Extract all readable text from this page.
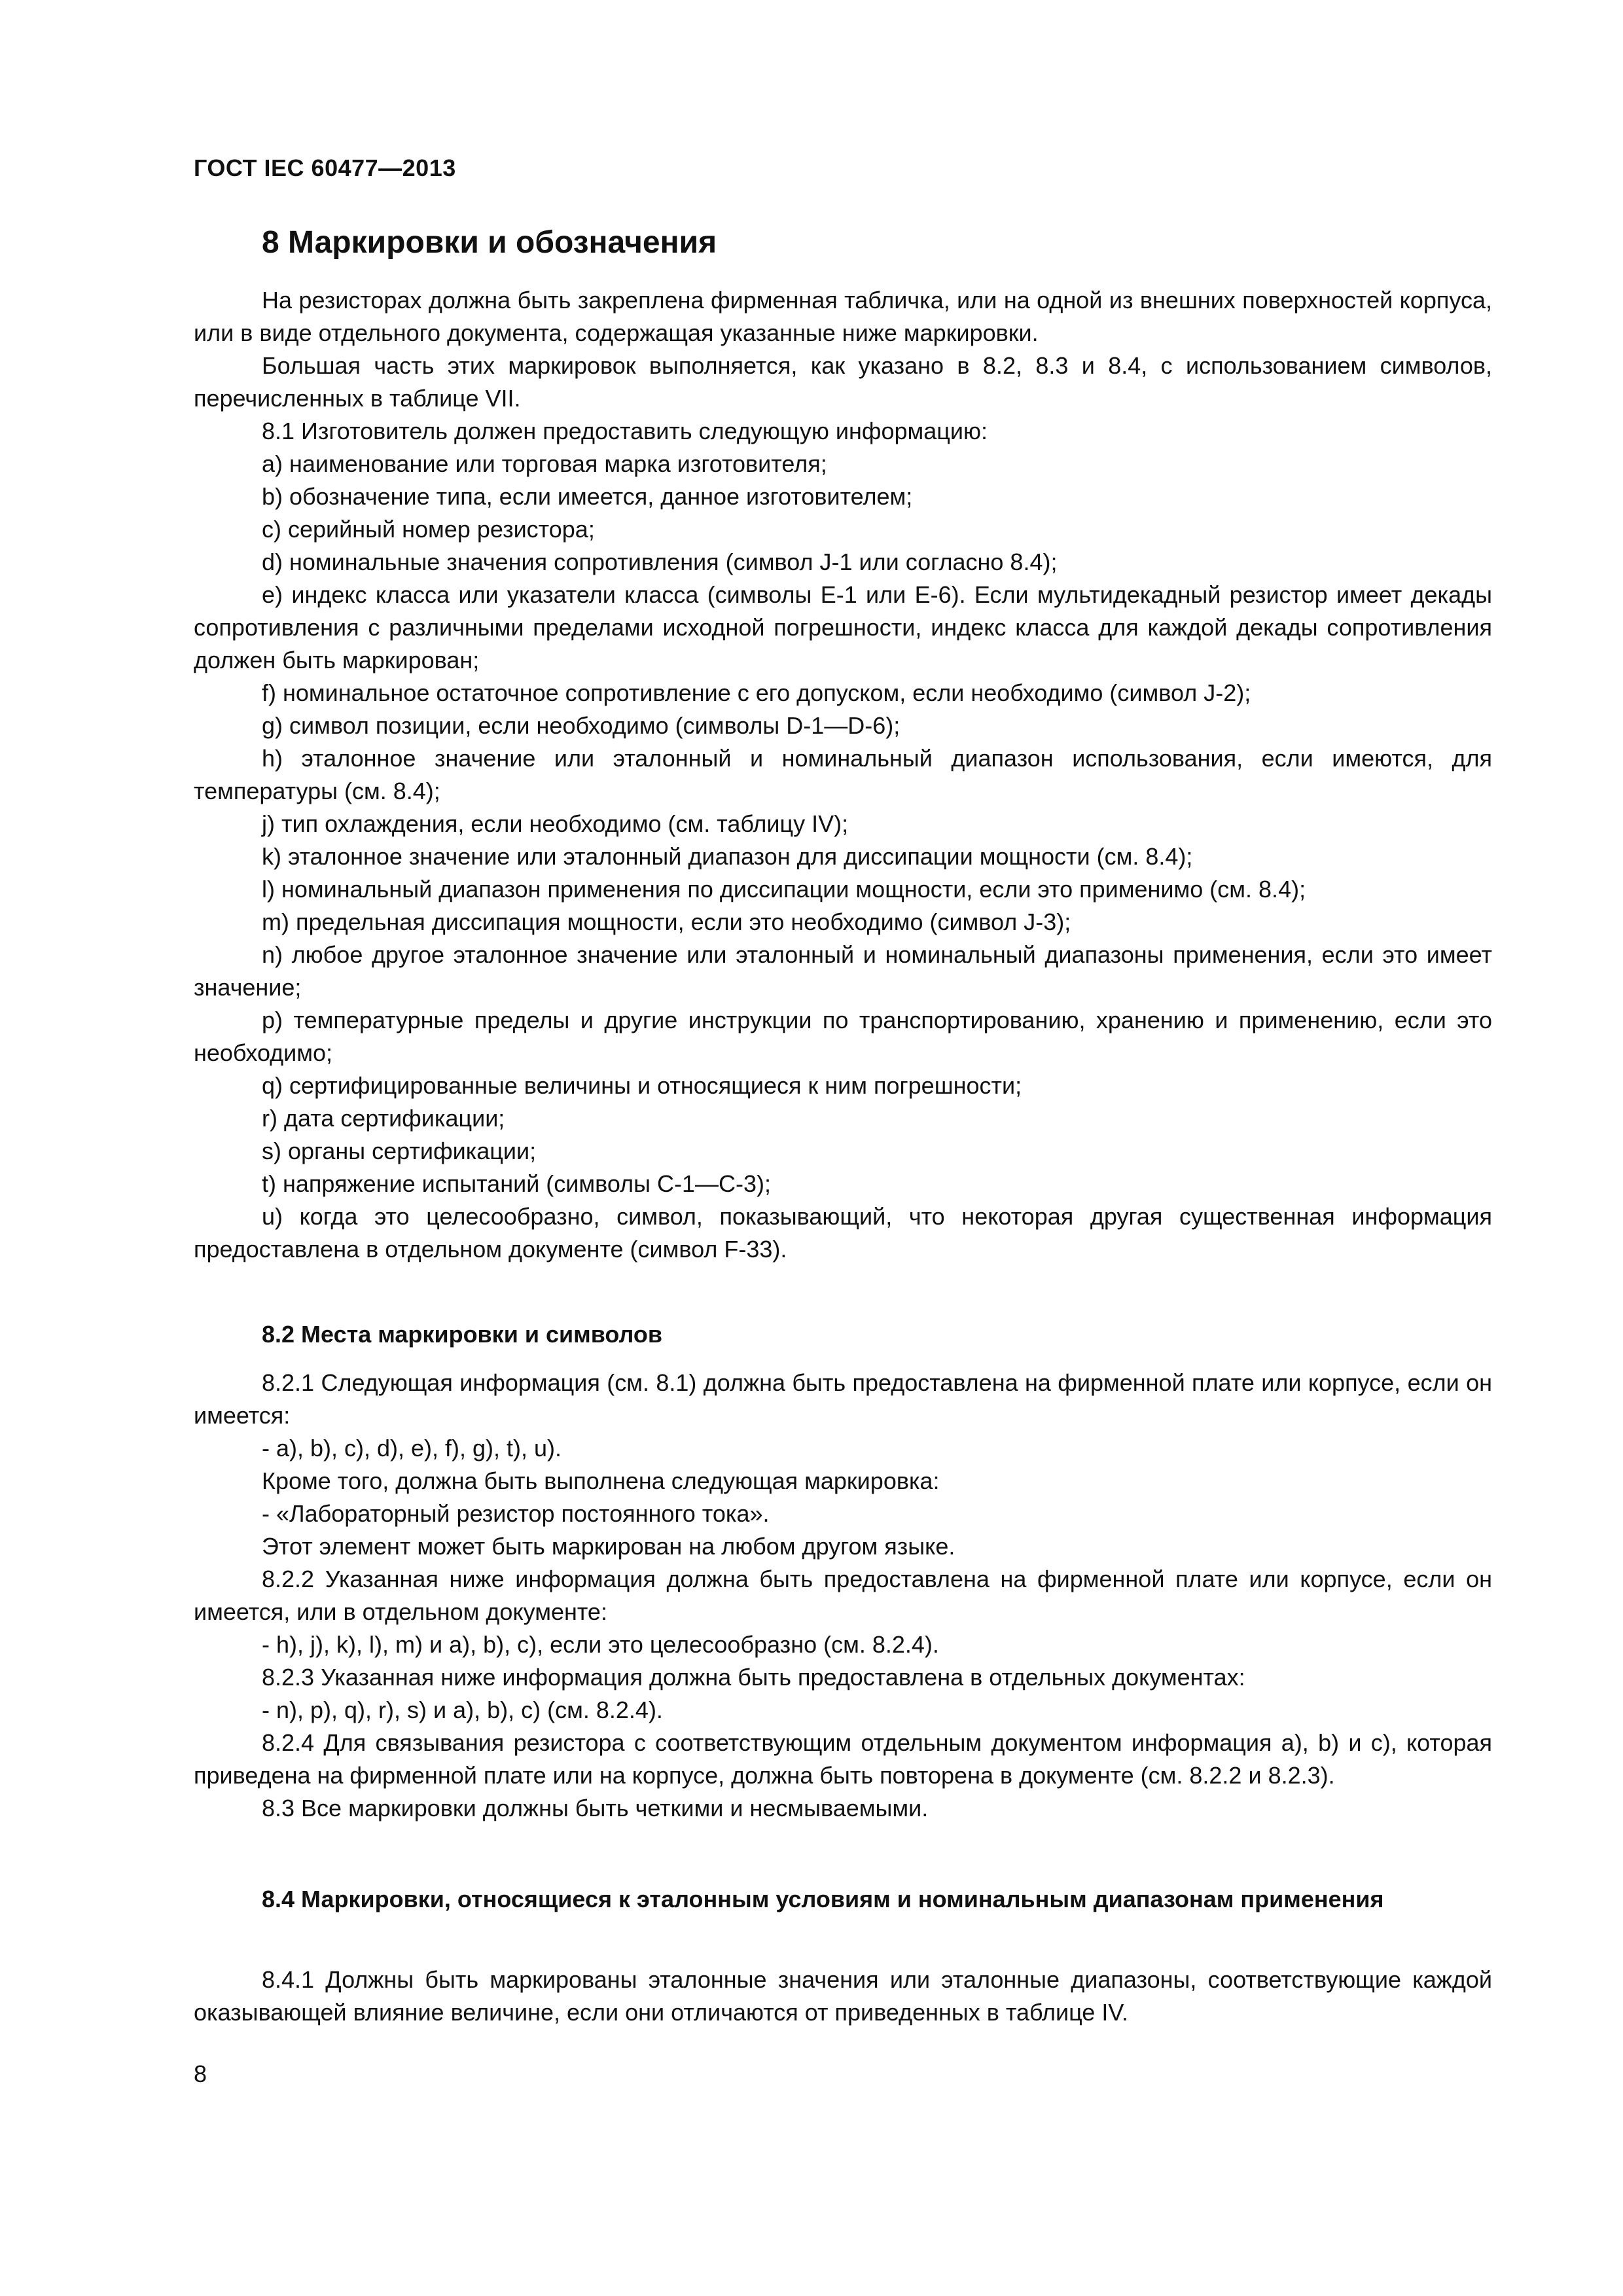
ГОСТ IEC 60477—2013
8 Маркировки и обозначения

На резисторах должна быть закреплена фирменная табличка, или на одной из внешних поверхностей корпуса, или в виде отдельного документа, содержащая указанные ниже маркировки.

Большая часть этих маркировок выполняется, как указано в 8.2, 8.3 и 8.4, с использованием символов, перечисленных в таблице VII.

8.1 Изготовитель должен предоставить следующую информацию:

a) наименование или торговая марка изготовителя;

b) обозначение типа, если имеется, данное изготовителем;

c) серийный номер резистора;

d) номинальные значения сопротивления (символ J-1 или согласно 8.4);

e) индекс класса или указатели класса (символы Е-1 или Е-6). Если мультидекадный резистор имеет декады сопротивления с различными пределами исходной погрешности, индекс класса для каждой декады сопротивления должен быть маркирован;

f) номинальное остаточное сопротивление с его допуском, если необходимо (символ J-2);

g) символ позиции, если необходимо (символы D-1—D-6);

h) эталонное значение или эталонный и номинальный диапазон использования, если имеются, для температуры (см. 8.4);

j) тип охлаждения, если необходимо (см. таблицу IV);

k) эталонное значение или эталонный диапазон для диссипации мощности (см. 8.4);

l) номинальный диапазон применения по диссипации мощности, если это применимо (см. 8.4);

m) предельная диссипация мощности, если это необходимо (символ J-3);

n) любое другое эталонное значение или эталонный и номинальный диапазоны применения, если это имеет значение;

p) температурные пределы и другие инструкции по транспортированию, хранению и применению, если это необходимо;

q) сертифицированные величины и относящиеся к ним погрешности;

r) дата сертификации;

s) органы сертификации;

t) напряжение испытаний (символы С-1—С-3);

u) когда это целесообразно, символ, показывающий, что некоторая другая существенная информация предоставлена в отдельном документе (символ F-33).

8.2 Места маркировки и символов

8.2.1 Следующая информация (см. 8.1) должна быть предоставлена на фирменной плате или корпусе, если он имеется:

- a), b), c), d), e), f), g), t), u).

Кроме того, должна быть выполнена следующая маркировка:

- «Лабораторный резистор постоянного тока».

Этот элемент может быть маркирован на любом другом языке.

8.2.2 Указанная ниже информация должна быть предоставлена на фирменной плате или корпусе, если он имеется, или в отдельном документе:

- h), j), k), l), m) и a), b), c), если это целесообразно (см. 8.2.4).

8.2.3 Указанная ниже информация должна быть предоставлена в отдельных документах:

- n), p), q), r), s) и a), b), c) (см. 8.2.4).

8.2.4 Для связывания резистора с соответствующим отдельным документом информация a), b) и c), которая приведена на фирменной плате или на корпусе, должна быть повторена в документе (см. 8.2.2 и 8.2.3).

8.3 Все маркировки должны быть четкими и несмываемыми.

8.4 Маркировки, относящиеся к эталонным условиям и номинальным диапазонам применения

8.4.1 Должны быть маркированы эталонные значения или эталонные диапазоны, соответствующие каждой оказывающей влияние величине, если они отличаются от приведенных в таблице IV.

8
